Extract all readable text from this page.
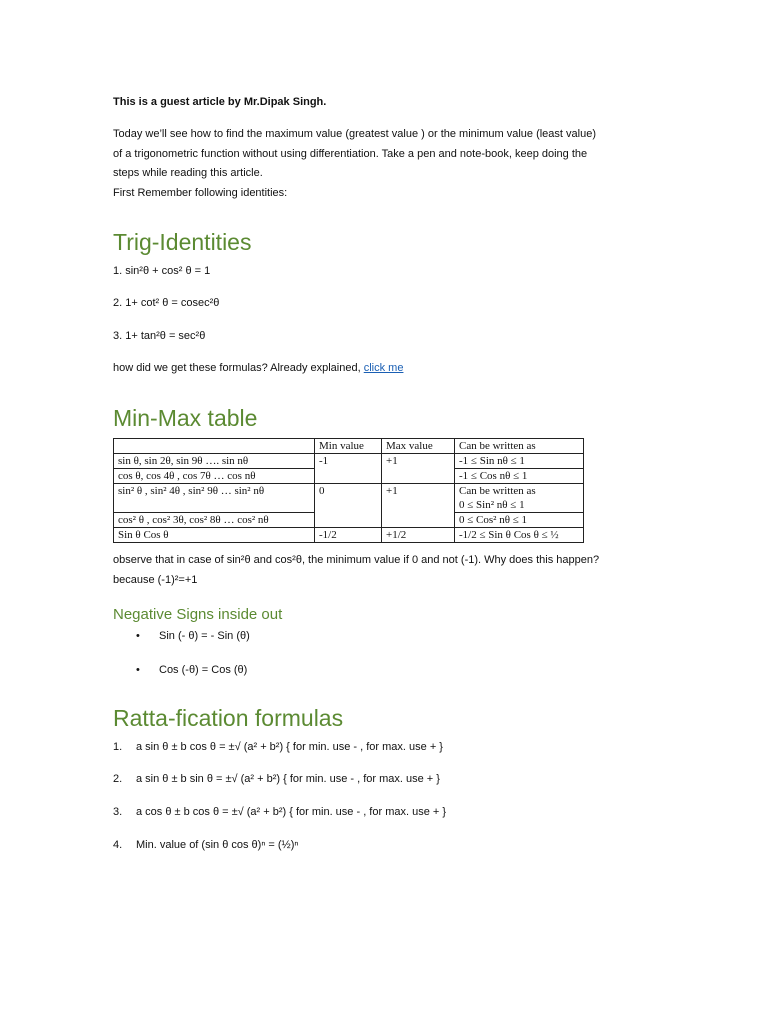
This is a guest article by Mr.Dipak Singh.

Today we’ll see how to find the maximum value (greatest value ) or the minimum value (least value)

of a trigonometric function without using differentiation. Take a pen and note-book, keep doing the

steps while reading this article.

First Remember following identities:

Trig-Identities

1. sin²θ + cos² θ = 1

2. 1+ cot² θ = cosec²θ

3. 1+ tan²θ = sec²θ

how did we get these formulas? Already explained, click me

Min-Max table
	Min value	Max value	Can be written as
sin θ, sin 2θ, sin 9θ …. sin nθ	-1	+1	-1 ≤ Sin nθ ≤ 1
cos θ, cos 4θ , cos 7θ … cos nθ			-1 ≤ Cos nθ ≤ 1
sin² θ , sin² 4θ , sin² 9θ … sin² nθ	0	+1	Can be written as
0 ≤ Sin² nθ ≤ 1

cos² θ , cos² 3θ, cos² 8θ … cos² nθ			0 ≤ Cos² nθ ≤ 1
Sin θ Cos θ	-1/2	+1/2	-1/2 ≤ Sin θ Cos θ ≤ ½

observe that in case of sin²θ and cos²θ, the minimum value if 0 and not (-1). Why does this happen?

because (-1)²=+1

Negative Signs inside out
• Sin (- θ) = - Sin (θ)
• Cos (-θ) = Cos (θ)
Ratta-fication formulas
1. a sin θ ± b cos θ = ±√ (a² + b²) { for min. use - , for max. use + }
2. a sin θ ± b sin θ = ±√ (a² + b²) { for min. use - , for max. use + }
3. a cos θ ± b cos θ = ±√ (a² + b²) { for min. use - , for max. use + }
4. Min. value of (sin θ cos θ)ⁿ = (½)ⁿ
